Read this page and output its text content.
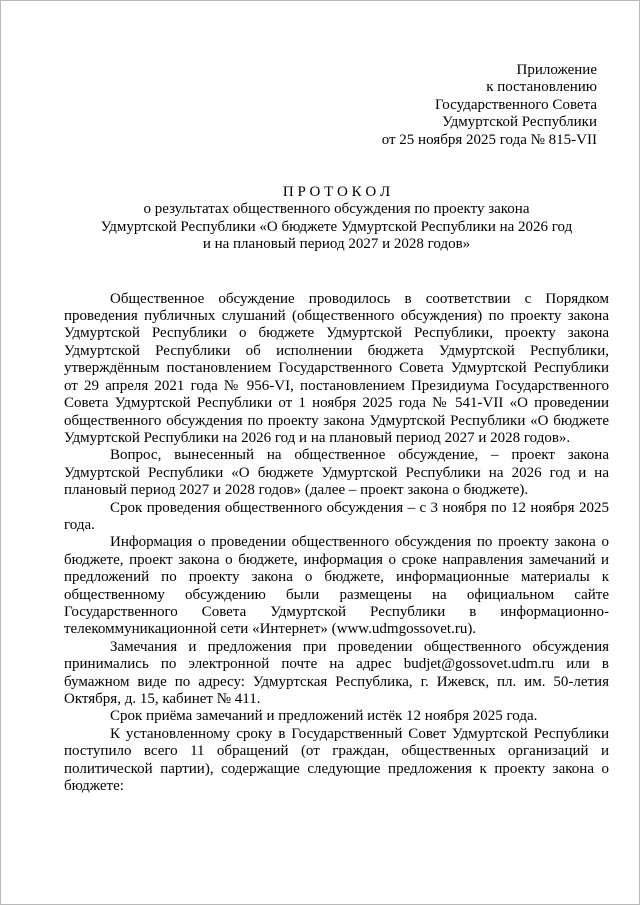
Приложение
к постановлению
Государственного Совета
Удмуртской Республики
от 25 ноября 2025 года № 815-VII
П Р О Т О К О Л
о результатах общественного обсуждения по проекту закона
Удмуртской Республики «О бюджете Удмуртской Республики на 2026 год
и на плановый период 2027 и 2028 годов»

Общественное обсуждение проводилось в соответствии с Порядком проведения публичных слушаний (общественного обсуждения) по проекту закона Удмуртской Республики о бюджете Удмуртской Республики, проекту закона Удмуртской Республики об исполнении бюджета Удмуртской Республики, утверждённым постановлением Государственного Совета Удмуртской Республики от 29 апреля 2021 года № 956-VI, постановлением Президиума Государственного Совета Удмуртской Республики от 1 ноября 2025 года № 541-VII «О проведении общественного обсуждения по проекту закона Удмуртской Республики «О бюджете Удмуртской Республики на 2026 год и на плановый период 2027 и 2028 годов».

Вопрос, вынесенный на общественное обсуждение, – проект закона Удмуртской Республики «О бюджете Удмуртской Республики на 2026 год и на плановый период 2027 и 2028 годов» (далее – проект закона о бюджете).

Срок проведения общественного обсуждения – с 3 ноября по 12 ноября 2025 года.

Информация о проведении общественного обсуждения по проекту закона о бюджете, проект закона о бюджете, информация о сроке направления замечаний и предложений по проекту закона о бюджете, информационные материалы к общественному обсуждению были размещены на официальном сайте Государственного Совета Удмуртской Республики в информационно-телекоммуникационной сети «Интернет» (www.udmgossovet.ru).

Замечания и предложения при проведении общественного обсуждения принимались по электронной почте на адрес budjet@gossovet.udm.ru или в бумажном виде по адресу: Удмуртская Республика, г. Ижевск, пл. им. 50-летия Октября, д. 15, кабинет № 411.

Срок приёма замечаний и предложений истёк 12 ноября 2025 года.

К установленному сроку в Государственный Совет Удмуртской Республики поступило всего 11 обращений (от граждан, общественных организаций и политической партии), содержащие следующие предложения к проекту закона о бюджете:
